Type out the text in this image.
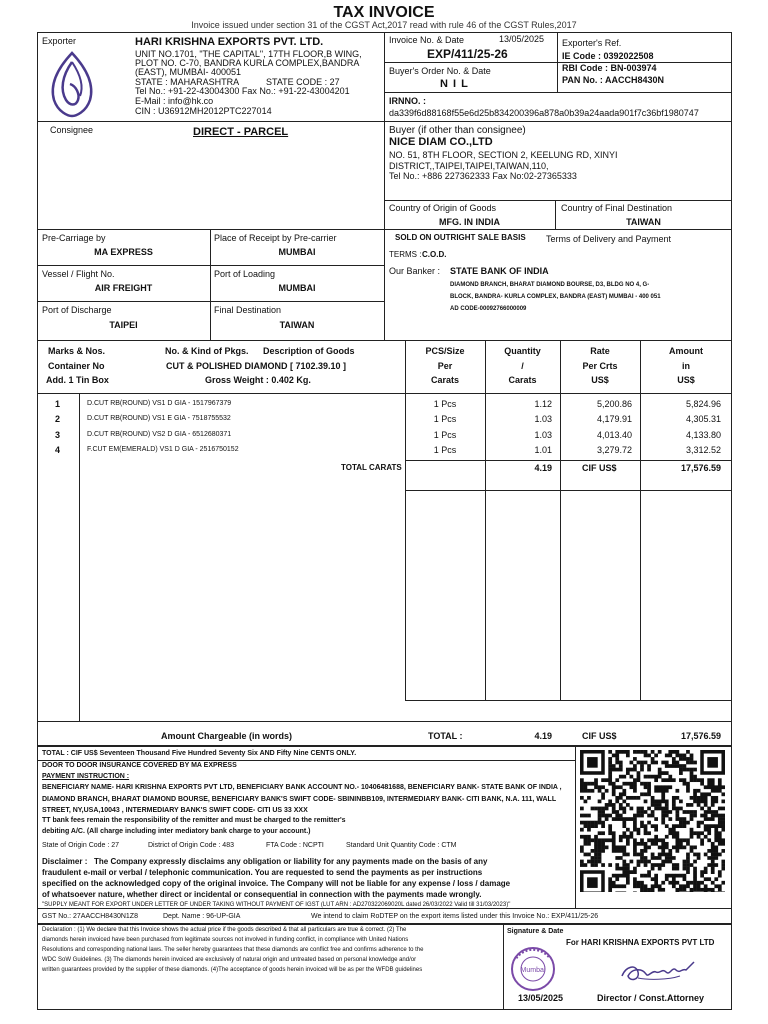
TAX INVOICE
Invoice issued under section 31 of the CGST Act,2017 read with rule 46 of the CGST Rules,2017
Exporter	HARI KRISHNA EXPORTS PVT. LTD.
UNIT NO.1701, "THE CAPITAL", 17TH FLOOR,B WING,
PLOT NO. C-70, BANDRA KURLA COMPLEX,BANDRA
(EAST), MUMBAI- 400051
STATE : MAHARASHTRA	STATE CODE : 27
Tel No.: +91-22-43004300 Fax No.: +91-22-43004201
E-Mail : info@hk.co
CIN : U36912MH2012PTC227014
Invoice No. & Date	13/05/2025
EXP/411/25-26
Buyer's Order No. & Date
N I L
Exporter's Ref.
IE Code : 0392022508
RBI Code : BN-003974
PAN No. : AACCH8430N
IRNNO. :
da339f6d88168f55e6d25b834200396a878a0b39a24aada901f7c36bf1980747
Consignee	DIRECT - PARCEL	Buyer (if other than consignee)
NICE DIAM CO.,LTD
NO. 51, 8TH FLOOR, SECTION 2, KEELUNG RD, XINYI
DISTRICT,,TAIPEI,TAIPEI,TAIWAN,110,
Tel No.: +886 227362333 Fax No:02-27365333
Country of Origin of Goods
MFG. IN INDIA
Country of Final Destination
TAIWAN
Pre-Carriage by
MA EXPRESS
Place of Receipt by Pre-carrier
MUMBAI
Vessel / Flight No.
AIR FREIGHT
Port of Loading
MUMBAI
Port of Discharge
TAIPEI
Final Destination
TAIWAN
SOLD ON OUTRIGHT SALE BASIS Terms of Delivery and Payment
TERMS : C.O.D.
Our Banker : STATE BANK OF INDIA
DIAMOND BRANCH, BHARAT DIAMOND BOURSE, D3, BLDG NO 4, G-
BLOCK, BANDRA- KURLA COMPLEX, BANDRA (EAST) MUMBAI - 400 051
AD CODE-00092766000009
Marks & Nos.
Container No
Add. 1 Tin Box
No. & Kind of Pkgs. Description of Goods
CUT & POLISHED DIAMOND [ 7102.39.10 ]
Gross Weight : 0.402 Kg.
PCS/Size
Per
Carats
Quantity
/
Carats
Rate
Per Crts
US$
Amount
in
US$
1	D.CUT RB(ROUND) VS1 D GIA - 1517967379	1 Pcs	1.12	5,200.86	5,824.96
2	D.CUT RB(ROUND) VS1 E GIA - 7518755532	1 Pcs	1.03	4,179.91	4,305.31
3	D.CUT RB(ROUND) VS2 D GIA - 6512680371	1 Pcs	1.03	4,013.40	4,133.80
4	F.CUT EM(EMERALD) VS1 D GIA - 2516750152	1 Pcs	1.01	3,279.72	3,312.52
TOTAL CARATS	4.19	CIF US$	17,576.59
Amount Chargeable (in words)	TOTAL :	4.19	CIF US$	17,576.59
TOTAL : CIF US$ Seventeen Thousand Five Hundred Seventy Six AND Fifty Nine CENTS ONLY.
DOOR TO DOOR INSURANCE COVERED BY MA EXPRESS
PAYMENT INSTRUCTION :
BENEFICIARY NAME- HARI KRISHNA EXPORTS PVT LTD, BENEFICIARY BANK ACCOUNT NO.- 10406481688, BENEFICIARY BANK- STATE BANK OF INDIA ,
DIAMOND BRANCH, BHARAT DIAMOND BOURSE, BENEFICIARY BANK'S SWIFT CODE- SBININBB109, INTERMEDIARY BANK- CITI BANK, N.A. 111, WALL
STREET, NY,USA,10043 , INTERMEDIARY BANK'S SWIFT CODE- CITI US 33 XXX
TT bank fees remain the responsibility of the remitter and must be charged to the remitter's
debiting A/C. (All charge including inter mediatory bank charge to your account.)
State of Origin Code : 27	District of Origin Code : 483	FTA Code : NCPTI	Standard Unit Quantity Code : CTM
Disclaimer : The Company expressly disclaims any obligation or liability for any payments made on the basis of any
fraudulent e-mail or verbal / telephonic communication. You are requested to send the payments as per instructions
specified on the acknowledged copy of the original invoice. The Company will not be liable for any expense / loss / damage
of whatsoever nature, whether direct or incidental or consequential in connection with the payments made wrongly.
"SUPPLY MEANT FOR EXPORT UNDER LETTER OF UNDER TAKING WITHOUT PAYMENT OF IGST (LUT ARN : AD270322069020L dated 26/03/2022 Valid till 31/03/2023)"
GST No.: 27AACCH8430N1Z8	Dept. Name : 96-UP-GIA	We intend to claim RoDTEP on the export items listed under this Invoice No.: EXP/411/25-26
Declaration : (1) We declare that this Invoice shows the actual price if the goods described & that all particulars are true & correct. (2) The
diamonds herein invoiced have been purchased from legitimate sources not involved in funding conflict, in compliance with United Nations
Resolutions and corresponding national laws. The seller hereby guarantees that these diamonds are conflict free and confirms adherence to the
WDC SoW Guidelines. (3) The diamonds herein invoiced are exclusively of natural origin and untreated based on personal knowledge and/or
written guarantees provided by the supplier of these diamonds. (4)The acceptance of goods herein invoiced will be as per the WFDB guidelines
Signature & Date
For HARI KRISHNA EXPORTS PVT LTD
Mumbai
13/05/2025	Director / Const.Attorney
